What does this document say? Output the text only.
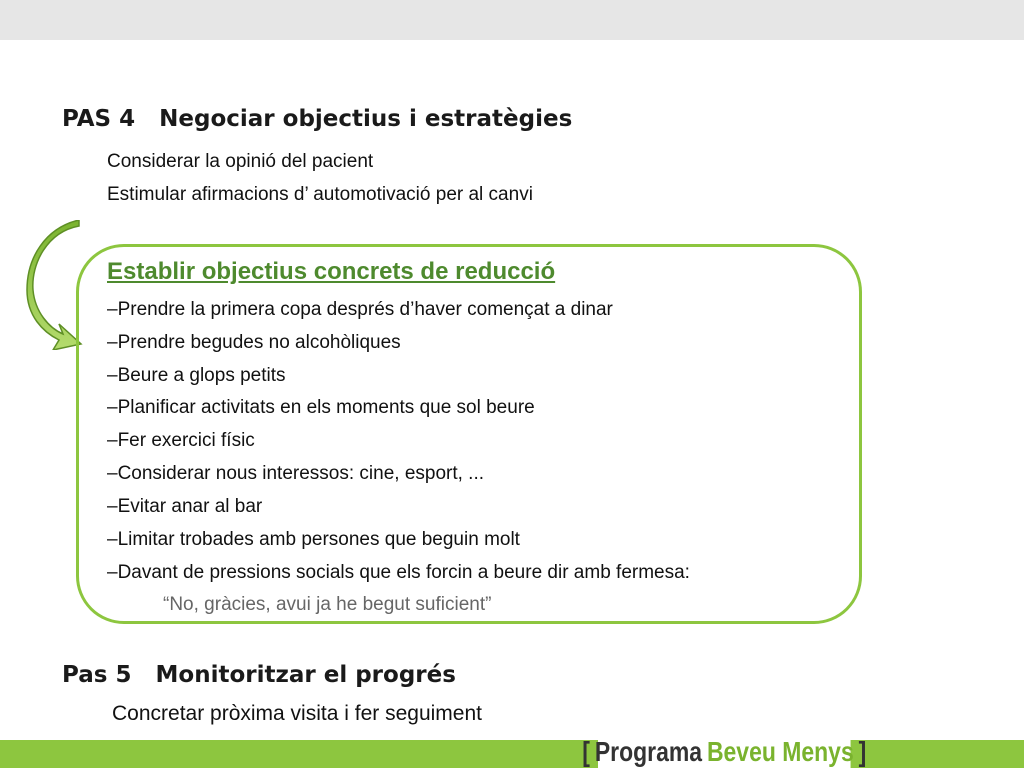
PAS 4 Negociar objectius i estratègies
Considerar la opinió del pacient
Estimular afirmacions d’ automotivació per al canvi
Establir objectius concrets de reducció
–Prendre la primera copa després d’haver començat a dinar
–Prendre begudes no alcohòliques
–Beure a glops petits
–Planificar activitats en els moments que sol beure
–Fer exercici físic
–Considerar nous interessos: cine, esport, ...
–Evitar anar al bar
–Limitar trobades amb persones que beguin molt
–Davant de pressions socials que els forcin a beure dir amb fermesa:
“No, gràcies, avui ja he begut suficient”
Pas 5 Monitoritzar el progrés
Concretar pròxima visita i fer seguiment
[ Programa Beveu Menys ]
